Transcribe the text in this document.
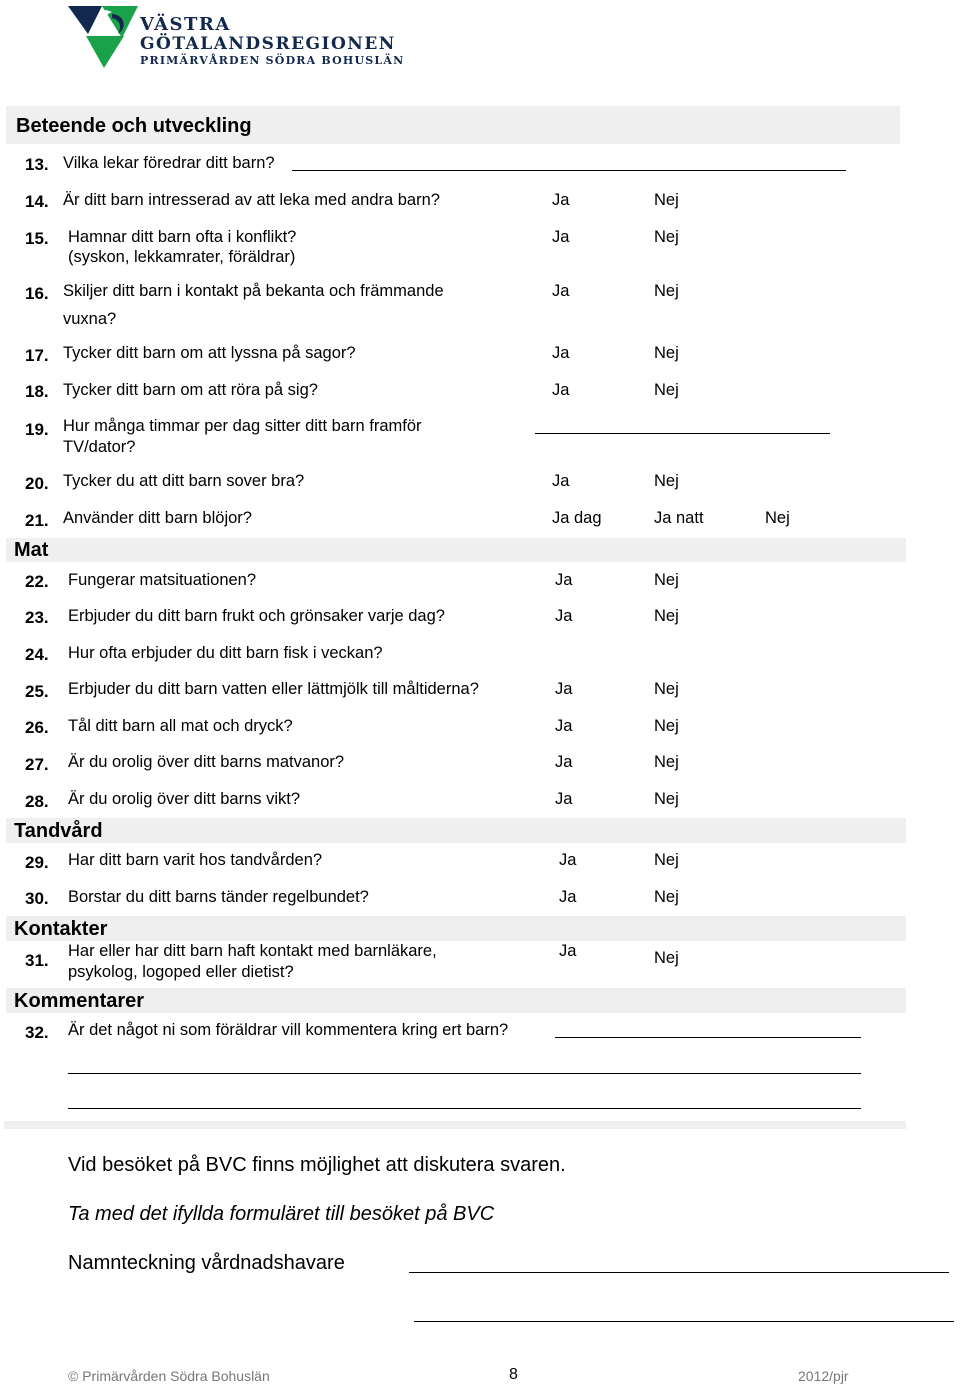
VÄSTRA
GÖTALANDSREGIONEN
PRIMÄRVÅRDEN SÖDRA BOHUSLÄN
Beteende och utveckling
13. Vilka lekar föredrar ditt barn?
14. Är ditt barn intresserad av att leka med andra barn?	Ja	Nej
15. Hamnar ditt barn ofta i konflikt?
(syskon, lekkamrater, föräldrar)
Ja	Nej
16. Skiljer ditt barn i kontakt på bekanta och främmande
vuxna?
Ja	Nej
17. Tycker ditt barn om att lyssna på sagor?	Ja	Nej
18. Tycker ditt barn om att röra på sig?	Ja	Nej
19. Hur många timmar per dag sitter ditt barn framför
TV/dator?
20. Tycker du att ditt barn sover bra?	Ja	Nej
21. Använder ditt barn blöjor?	Ja dag	Ja natt	Nej
Mat
22. Fungerar matsituationen?	Ja	Nej
23. Erbjuder du ditt barn frukt och grönsaker varje dag?	Ja	Nej
24. Hur ofta erbjuder du ditt barn fisk i veckan?
25. Erbjuder du ditt barn vatten eller lättmjölk till måltiderna?	Ja	Nej
26. Tål ditt barn all mat och dryck?	Ja	Nej
27. Är du orolig över ditt barns matvanor?	Ja	Nej
28. Är du orolig över ditt barns vikt?	Ja	Nej
Tandvård
29. Har ditt barn varit hos tandvården?	Ja	Nej
30. Borstar du ditt barns tänder regelbundet?	Ja	Nej
Kontakter
31. Har eller har ditt barn haft kontakt med barnläkare,
psykolog, logoped eller dietist?
Ja	Nej
Kommentarer
32. Är det något ni som föräldrar vill kommentera kring ert barn?
Vid besöket på BVC finns möjlighet att diskutera svaren.
Ta med det ifyllda formuläret till besöket på BVC
Namnteckning vårdnadshavare
© Primärvården Södra Bohuslän	8	2012/pjr
